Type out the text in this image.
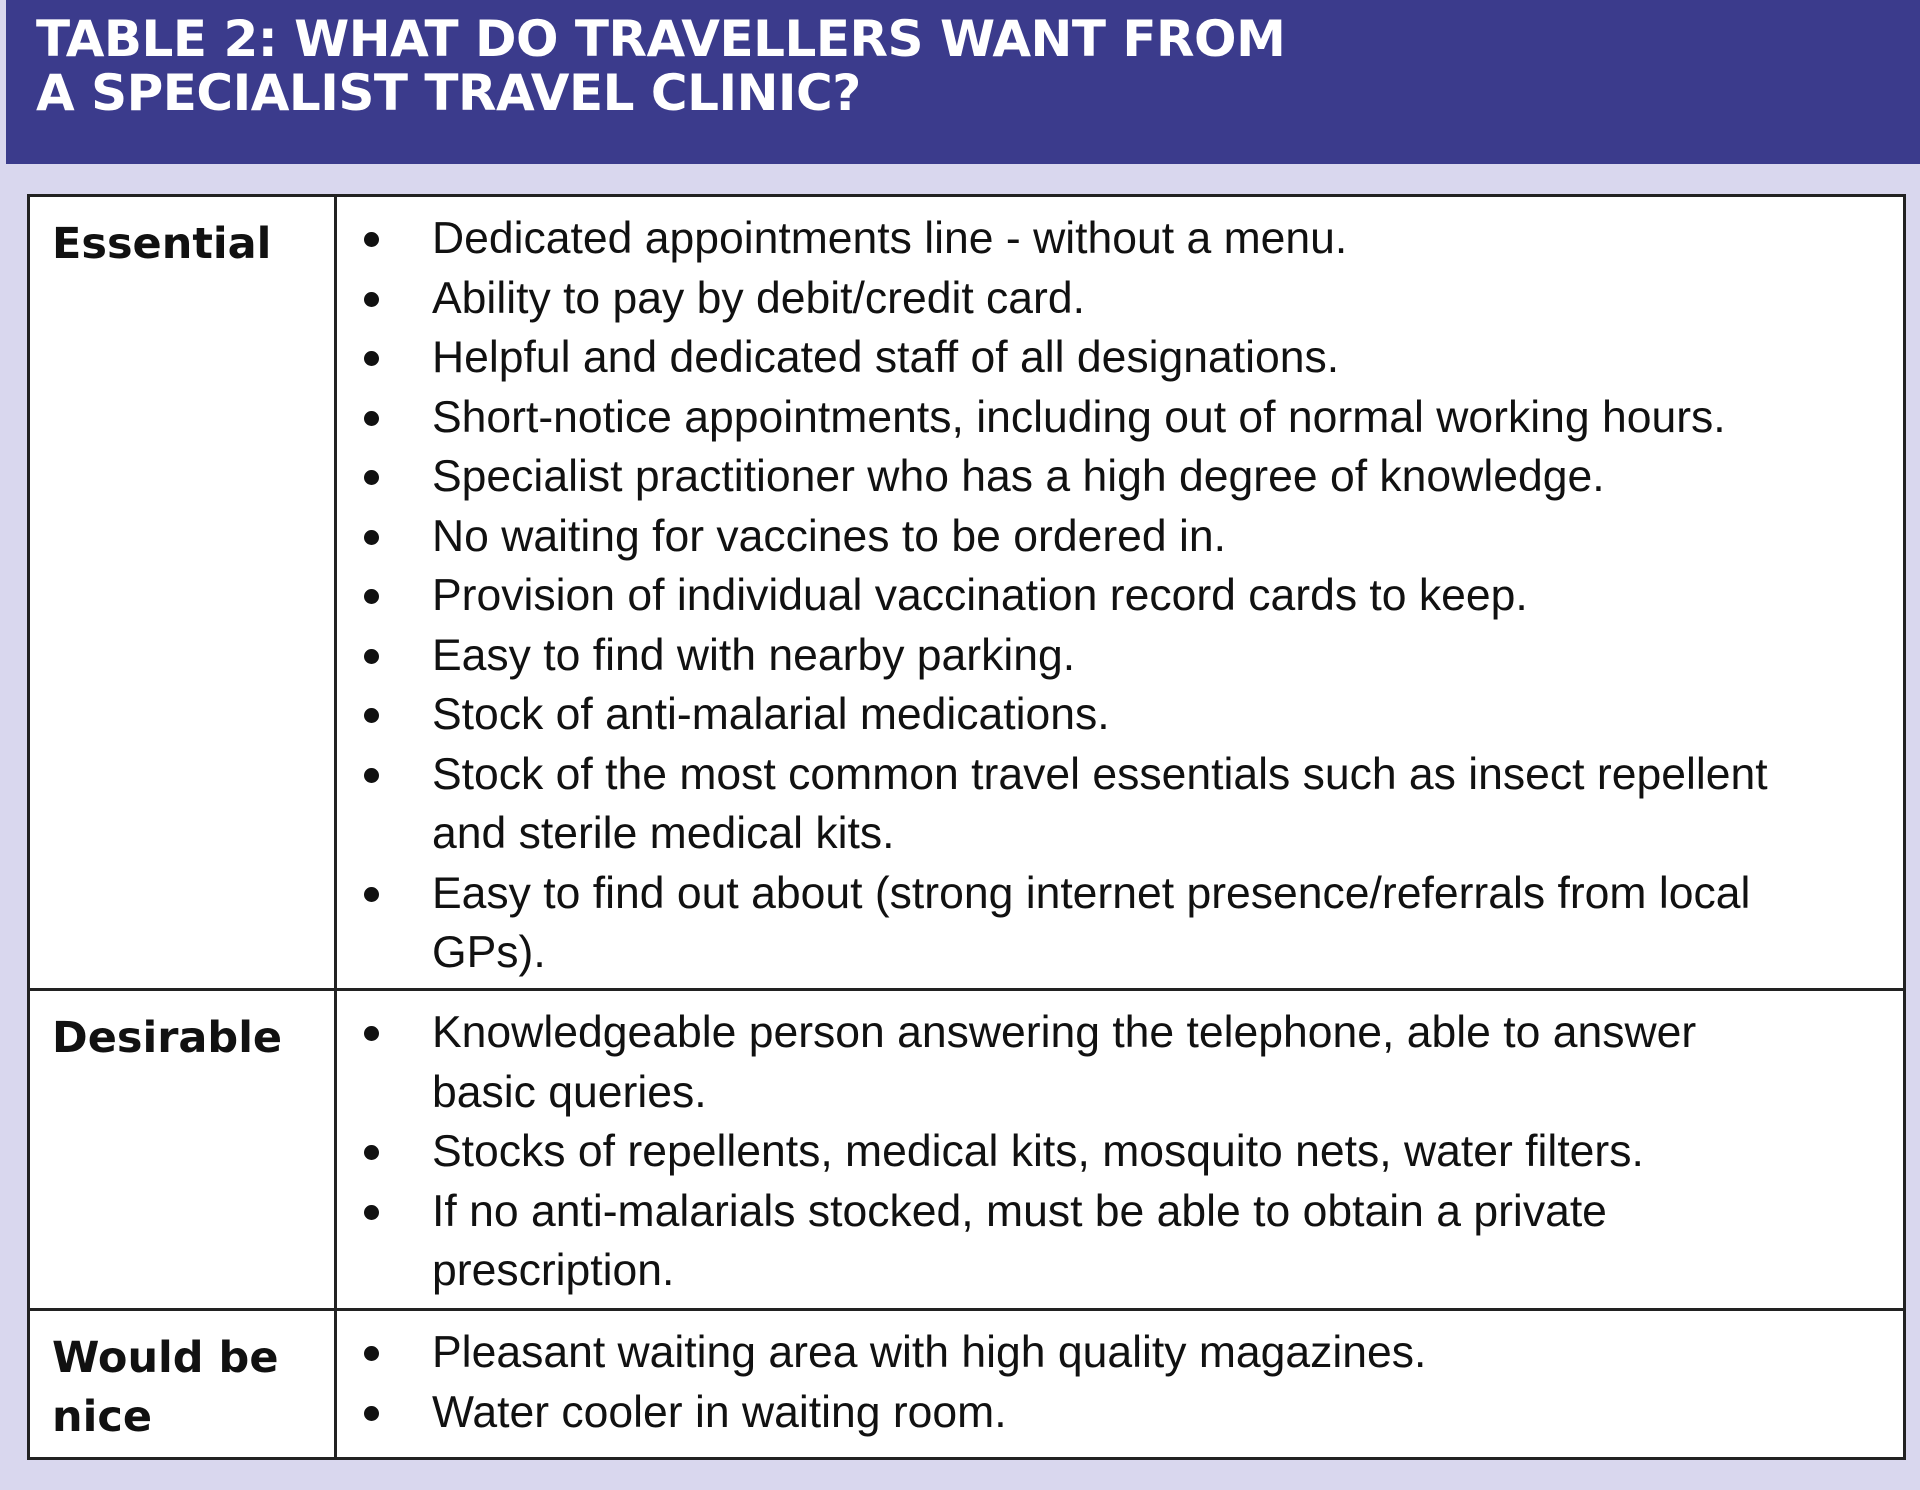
TABLE 2: WHAT DO TRAVELLERS WANT FROM
A SPECIALIST TRAVEL CLINIC?
Essential	Dedicated appointments line - without a menu.
Ability to pay by debit/credit card.
Helpful and dedicated staff of all designations.
Short-notice appointments, including out of normal working hours.
Specialist practitioner who has a high degree of knowledge.
No waiting for vaccines to be ordered in.
Provision of individual vaccination record cards to keep.
Easy to find with nearby parking.
Stock of anti-malarial medications.
Stock of the most common travel essentials such as insect repellent
and sterile medical kits.
Easy to find out about (strong internet presence/referrals from local
GPs).
Desirable	Knowledgeable person answering the telephone, able to answer
basic queries.
Stocks of repellents, medical kits, mosquito nets, water filters.
If no anti-malarials stocked, must be able to obtain a private
prescription.
Would be
nice
Pleasant waiting area with high quality magazines.
Water cooler in waiting room.
